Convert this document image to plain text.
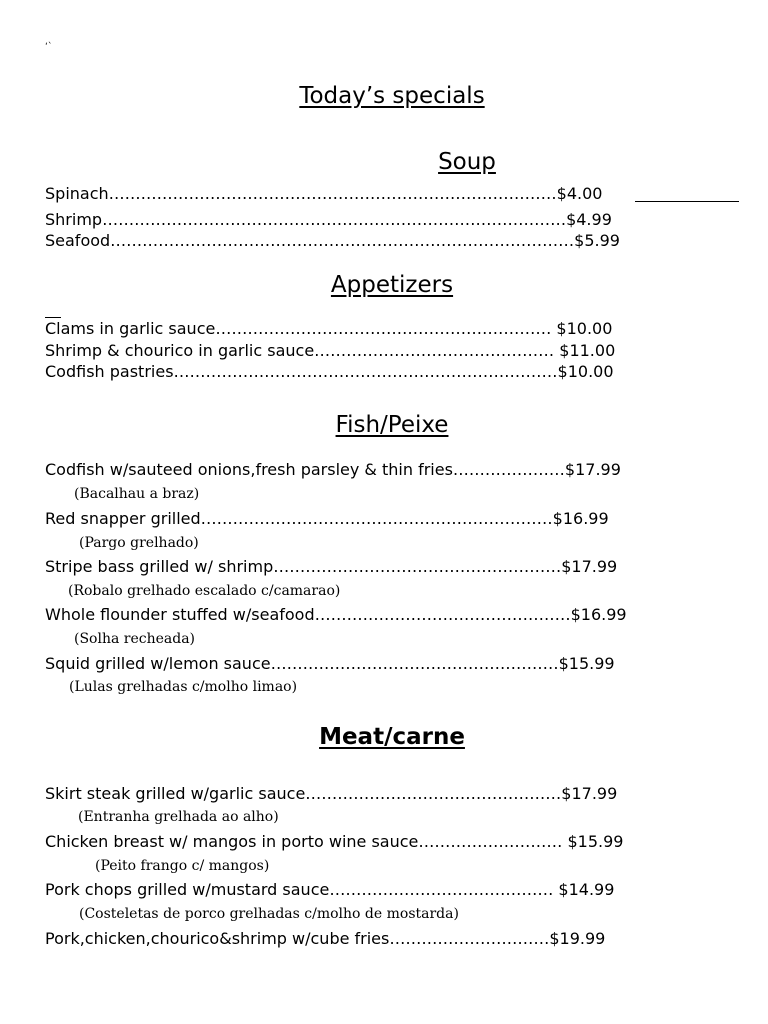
‘`
Today’s specials
Soup
Spinach…………………………………………………………………………$4.00
Shrimp……………………………………………………………………………$4.99
Seafood……………………………………………………………………………$5.99
Appetizers
Clams in garlic sauce……………………………………………………… $10.00
Shrimp & chourico in garlic sauce……………………………………… $11.00
Codfish pastries………………………………………………………………$10.00
Fish/Peixe
Codfish w/sauteed onions,fresh parsley & thin fries…………………$17.99
(Bacalhau a braz)
Red snapper grilled…………………………………………………………$16.99
(Pargo grelhado)
Stripe bass grilled w/ shrimp………………………………………………$17.99
(Robalo grelhado escalado c/camarao)
Whole flounder stuffed w/seafood…………………………………………$16.99
(Solha recheada)
Squid grilled w/lemon sauce………………………………………………$15.99
(Lulas grelhadas c/molho limao)
Meat/carne
Skirt steak grilled w/garlic sauce…………………………………………$17.99
(Entranha grelhada ao alho)
Chicken breast w/ mangos in porto wine sauce……………………… $15.99
(Peito frango c/ mangos)
Pork chops grilled w/mustard sauce…………………………………… $14.99
(Costeletas de porco grelhadas c/molho de mostarda)
Pork,chicken,chourico&shrimp w/cube fries…………………………$19.99
